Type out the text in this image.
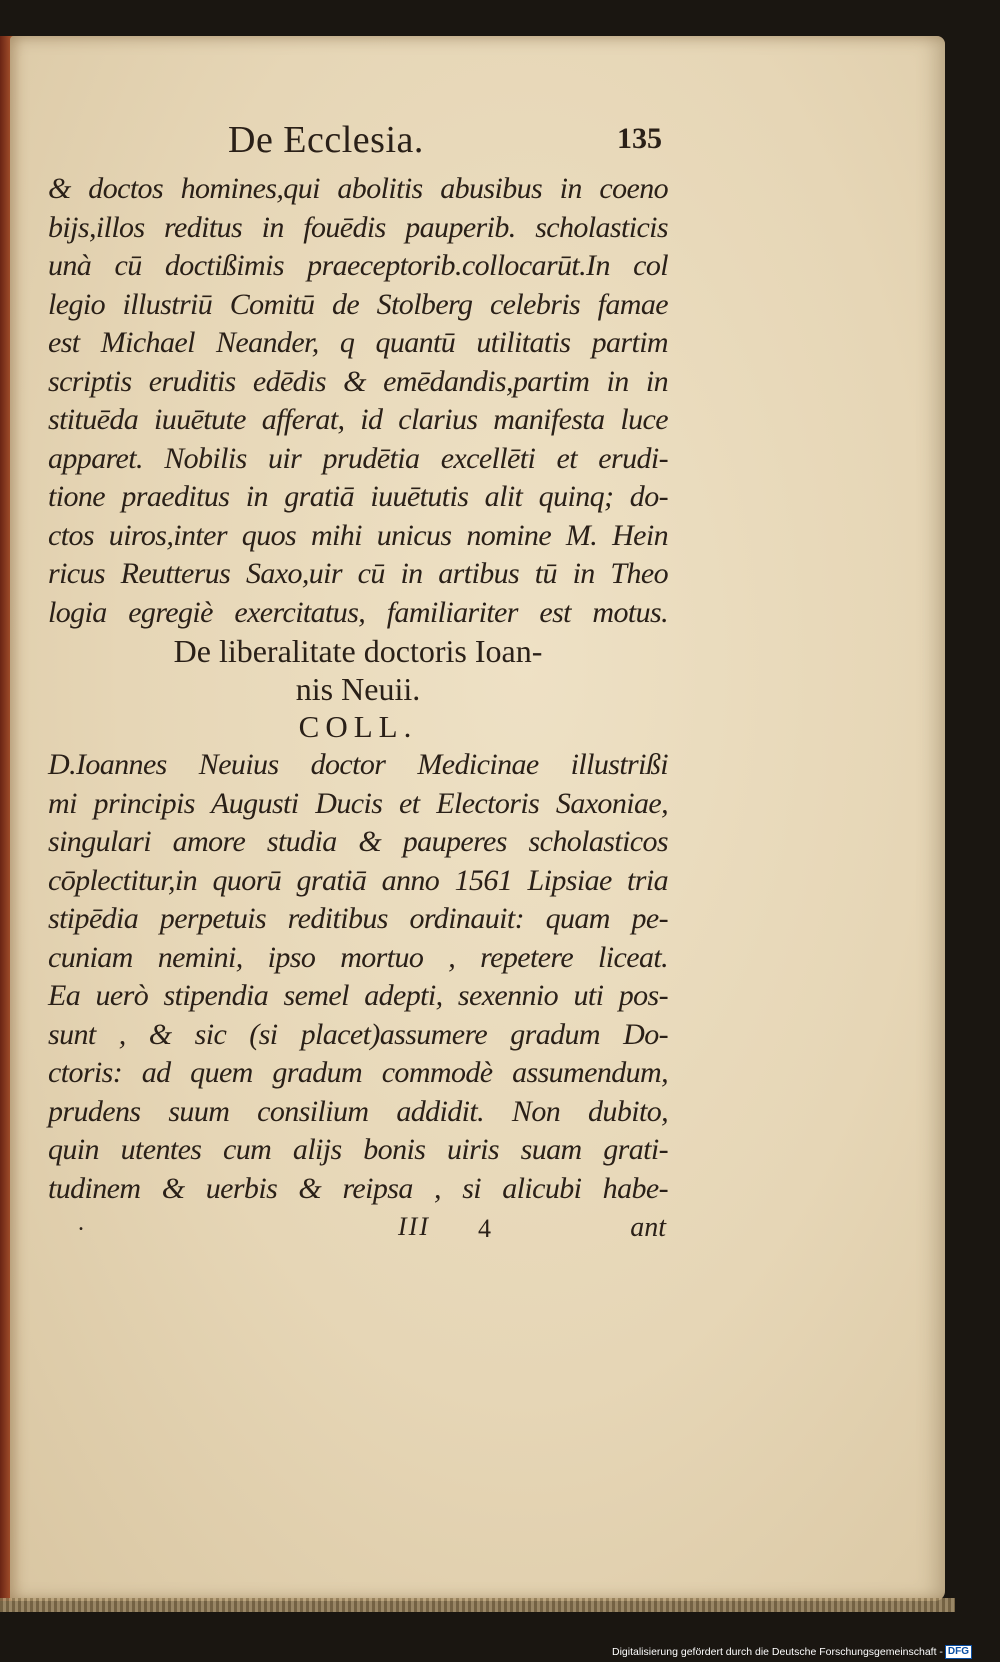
De Ecclesia.	135
& doctos homines,qui abolitis abusibus in coeno
bijs,illos reditus in fouēdis pauperib. scholasticis
unà cū doctißimis praeceptorib.collocarūt.In col
legio illustriū Comitū de Stolberg celebris famae
est Michael Neander, q quantū utilitatis partim
scriptis eruditis edēdis & emēdandis,partim in in
stituēda iuuētute afferat, id clarius manifesta luce
apparet. Nobilis uir prudētia excellēti et erudi-
tione praeditus in gratiā iuuētutis alit quinq; do-
ctos uiros,inter quos mihi unicus nomine M. Hein
ricus Reutterus Saxo,uir cū in artibus tū in Theo
logia egregiè exercitatus, familiariter est motus.
De liberalitate doctoris Ioan-
nis Neuii.
COLL.
D.Ioannes Neuius doctor Medicinae illustrißi
mi principis Augusti Ducis et Electoris Saxoniae,
singulari amore studia & pauperes scholasticos
cōplectitur,in quorū gratiā anno 1561 Lipsiae tria
stipēdia perpetuis reditibus ordinauit: quam pe-
cuniam nemini, ipso mortuo , repetere liceat.
Ea uerò stipendia semel adepti, sexennio uti pos-
sunt , & sic (si placet)assumere gradum Do-
ctoris: ad quem gradum commodè assumendum,
prudens suum consilium addidit. Non dubito,
quin utentes cum alijs bonis uiris suam grati-
tudinem & uerbis & reipsa , si alicubi habe-
.	III 4	ant
Digitalisierung gefördert durch die Deutsche Forschungsgemeinschaft - DFG
